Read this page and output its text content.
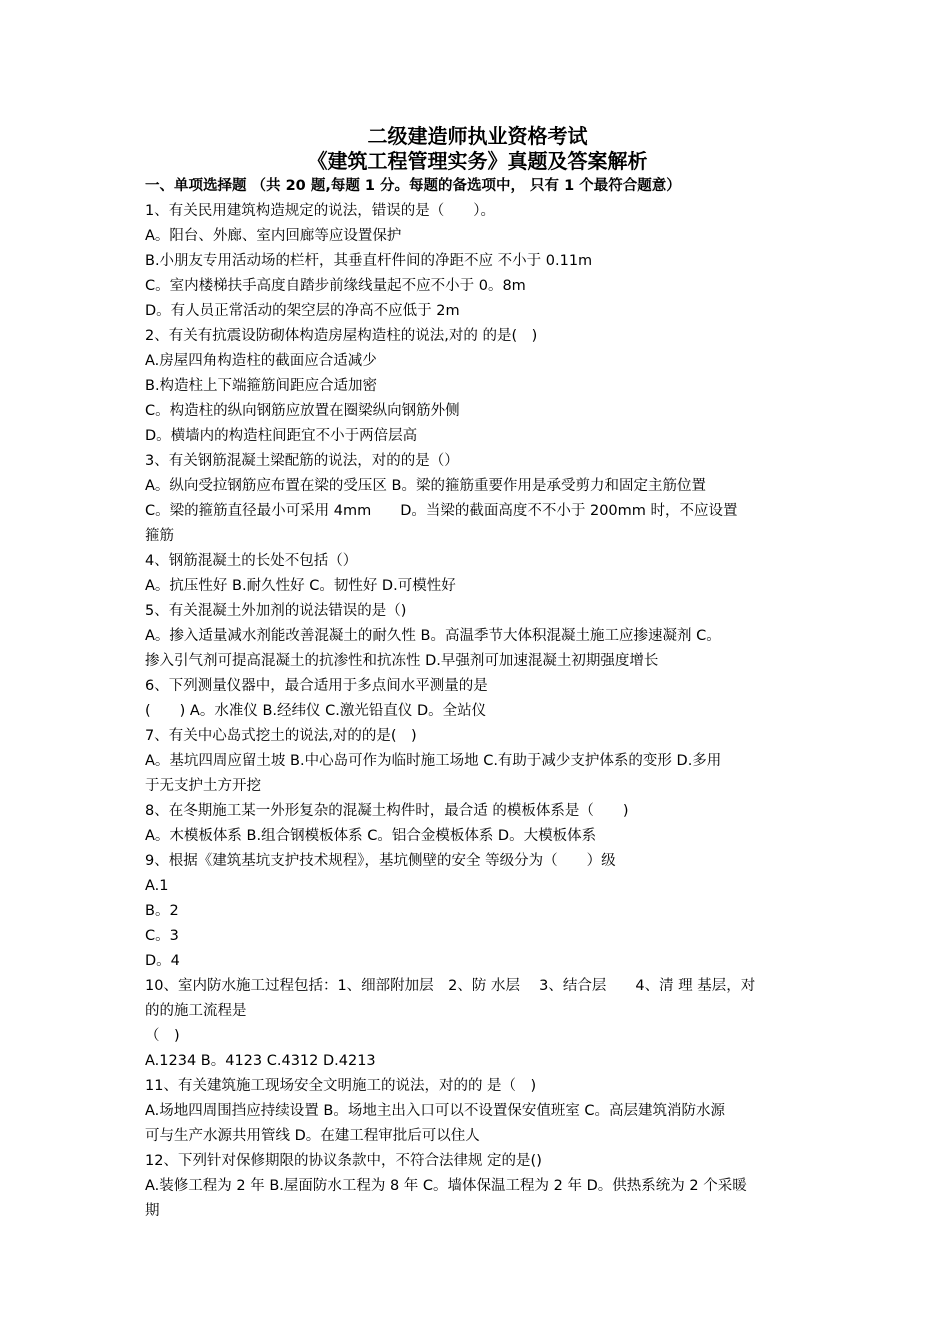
二级建造师执业资格考试
《建筑工程管理实务》真题及答案解析
一、单项选择题 （共 20 题,每题 1 分。每题的备选项中， 只有 1 个最符合题意）
1、有关民用建筑构造规定的说法，错误的是（　　）。
A。阳台、外廊、室内回廊等应设置保护
B.小朋友专用活动场的栏杆，其垂直杆件间的净距不应 不小于 0.11m
C。室内楼梯扶手高度自踏步前缘线量起不应不小于 0。8m
D。有人员正常活动的架空层的净高不应低于 2m
2、有关有抗震设防砌体构造房屋构造柱的说法,对的 的是(　)
A.房屋四角构造柱的截面应合适减少
B.构造柱上下端箍筋间距应合适加密
C。构造柱的纵向钢筋应放置在圈梁纵向钢筋外侧
D。横墙内的构造柱间距宜不小于两倍层高
3、有关钢筋混凝土梁配筋的说法，对的的是（）
A。纵向受拉钢筋应布置在梁的受压区 B。梁的箍筋重要作用是承受剪力和固定主筋位置
C。梁的箍筋直径最小可采用 4mm　　D。当梁的截面高度不不小于 200mm 时，不应设置
箍筋
4、钢筋混凝土的长处不包括（）
A。抗压性好 B.耐久性好 C。韧性好 D.可模性好
5、有关混凝土外加剂的说法错误的是（)
A。掺入适量减水剂能改善混凝土的耐久性 B。高温季节大体积混凝土施工应掺速凝剂 C。
掺入引气剂可提高混凝土的抗渗性和抗冻性 D.早强剂可加速混凝土初期强度增长
6、下列测量仪器中，最合适用于多点间水平测量的是
(　　) A。水准仪 B.经纬仪 C.激光铅直仪 D。全站仪
7、有关中心岛式挖土的说法,对的的是(　)
A。基坑四周应留土坡 B.中心岛可作为临时施工场地 C.有助于减少支护体系的变形 D.多用
于无支护土方开挖
8、在冬期施工某一外形复杂的混凝土构件时，最合适 的模板体系是（　　)
A。木模板体系 B.组合钢模板体系 C。铝合金模板体系 D。大模板体系
9、根据《建筑基坑支护技术规程》，基坑侧壁的安全 等级分为（　　）级
A.1
B。2
C。3
D。4
10、室内防水施工过程包括：1、细部附加层　2、防 水层　 3、结合层　　4、清 理 基层，对
的的施工流程是
（　)
A.1234 B。4123 C.4312 D.4213
11、有关建筑施工现场安全文明施工的说法，对的的 是（　)
A.场地四周围挡应持续设置 B。场地主出入口可以不设置保安值班室 C。高层建筑消防水源
可与生产水源共用管线 D。在建工程审批后可以住人
12、下列针对保修期限的协议条款中，不符合法律规 定的是()
A.装修工程为 2 年 B.屋面防水工程为 8 年 C。墙体保温工程为 2 年 D。供热系统为 2 个采暖
期
